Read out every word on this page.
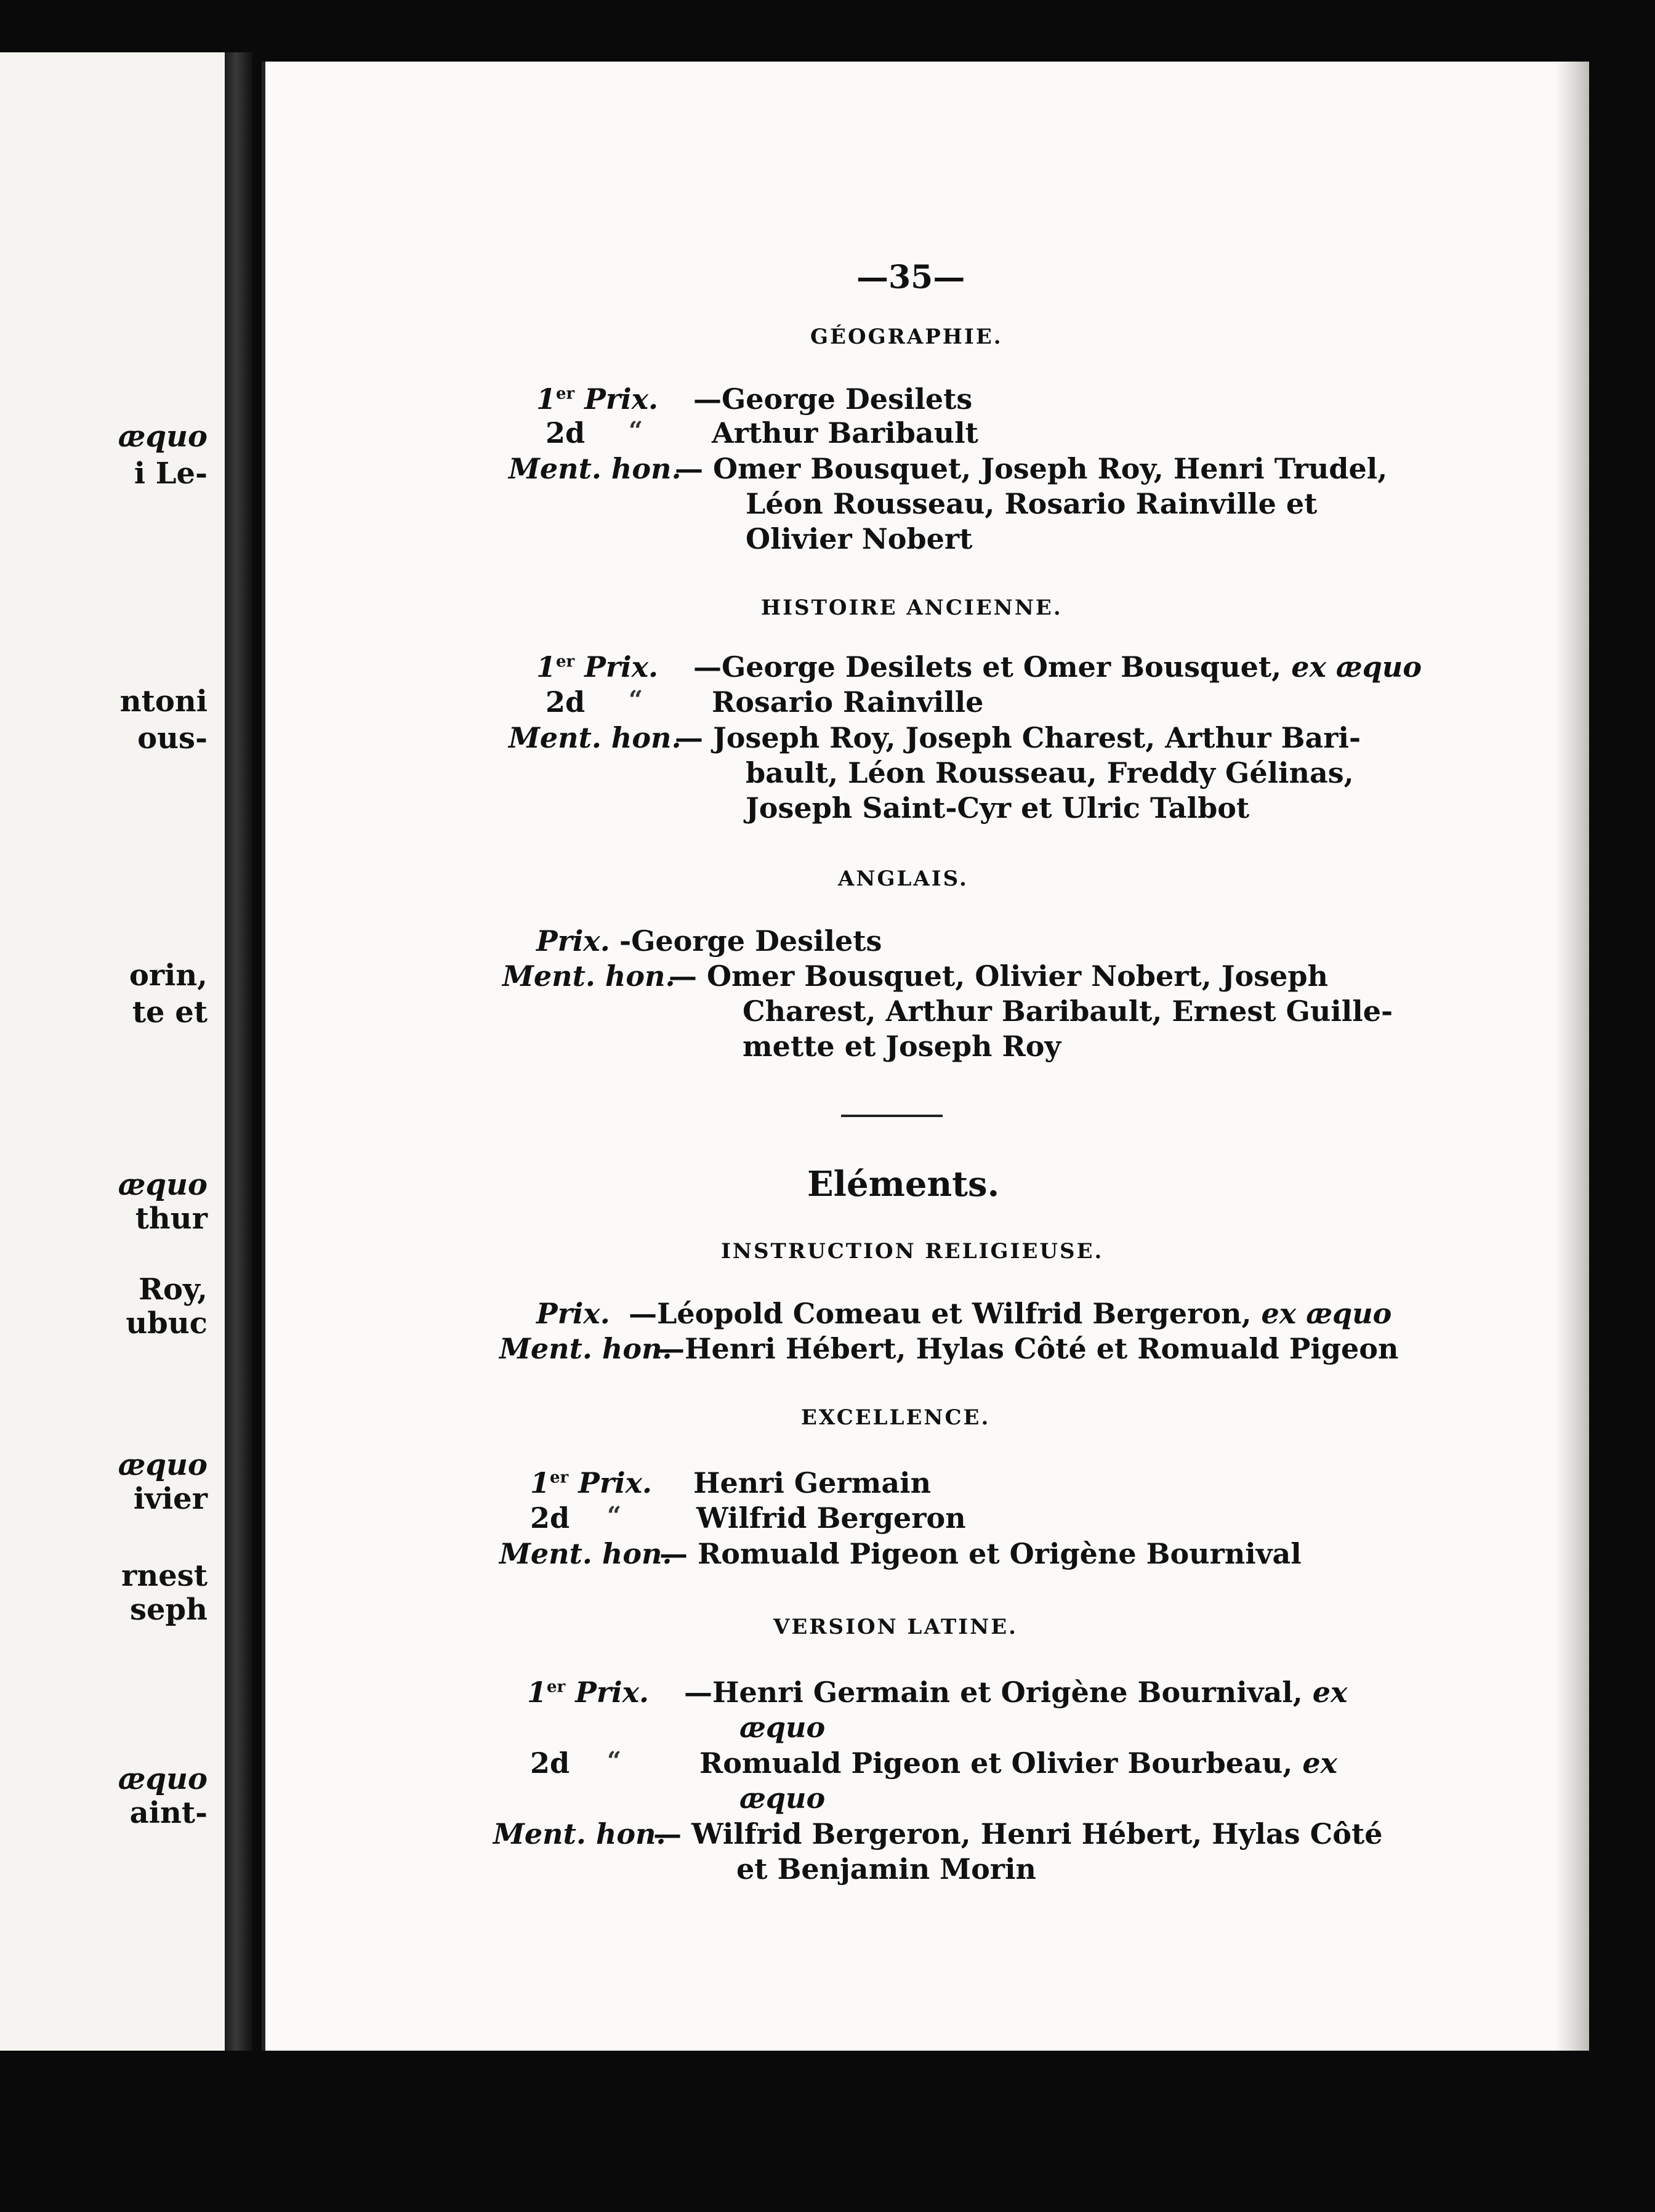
æquo
i Le-
ntoni
ous-
orin,
te et
æquo
thur
Roy,
ubuc
æquo
ivier
rnest
seph
æquo
aint-
—35—
GÉOGRAPHIE.
1er Prix. —George Desilets
2d “ Arthur Baribault
Ment. hon.
— Omer Bousquet, Joseph Roy, Henri Trudel,
Léon Rousseau, Rosario Rainville et
Olivier Nobert
HISTOIRE ANCIENNE.
1er Prix. —George Desilets et Omer Bousquet, ex æquo
2d “ Rosario Rainville
Ment. hon.
— Joseph Roy, Joseph Charest, Arthur Bari-
bault, Léon Rousseau, Freddy Gélinas,
Joseph Saint-Cyr et Ulric Talbot
ANGLAIS.
Prix. -George Desilets
Ment. hon.
— Omer Bousquet, Olivier Nobert, Joseph
Charest, Arthur Baribault, Ernest Guille-
mette et Joseph Roy
Eléments.
INSTRUCTION RELIGIEUSE.
Prix. —Léopold Comeau et Wilfrid Bergeron, ex æquo
Ment. hon.
—Henri Hébert, Hylas Côté et Romuald Pigeon
EXCELLENCE.
1er Prix. Henri Germain
2d “	Wilfrid Bergeron
Ment. hon.
— Romuald Pigeon et Origène Bournival
VERSION LATINE.
1er Prix. —Henri Germain et Origène Bournival, ex
æquo
2d “	Romuald Pigeon et Olivier Bourbeau, ex
æquo
Ment. hon.
— Wilfrid Bergeron, Henri Hébert, Hylas Côté
et Benjamin Morin
